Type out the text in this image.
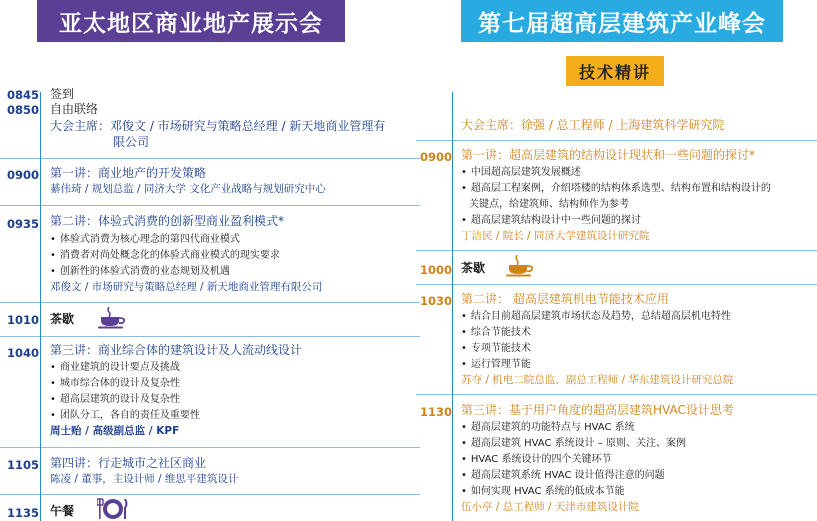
亚太地区商业地产展示会	第七届超高层建筑产业峰会
技术精讲
0845 签到
0850 自由联络
大会主席：邓俊文 / 市场研究与策略总经理 / 新天地商业管理有
限公司
0900 第一讲：商业地产的开发策略
綦伟琦 / 规划总监 / 同济大学 文化产业战略与规划研究中心
0935 第二讲：体验式消费的创新型商业盈利模式*
• 体验式消费为核心理念的第四代商业模式
• 消费者对尚处概念化的体验式商业模式的现实要求
• 创新性的体验式消费的业态规划及机遇
邓俊文 / 市场研究与策略总经理 / 新天地商业管理有限公司
1010 茶歇
1040 第三讲：商业综合体的建筑设计及人流动线设计
• 商业建筑的设计要点及挑战
• 城市综合体的设计及复杂性
• 超高层建筑的设计及复杂性
• 团队分工，各自的责任及重要性
周士贻 / 高级副总监 / KPF
1105 第四讲：行走城市之社区商业
陈凌 / 董事，主设计师 / 维思平建筑设计
1135 午餐
大会主席：徐强 / 总工程师 / 上海建筑科学研究院
0900 第一讲：超高层建筑的结构设计现状和一些问题的探讨*
• 中国超高层建筑发展概述
• 超高层工程案例，介绍塔楼的结构体系选型、结构布置和结构设计的
关键点，给建筑师、结构师作为参考
• 超高层建筑结构设计中一些问题的探讨
丁洁民 / 院长 / 同济大学建筑设计研究院
1000 茶歇
1030 第二讲： 超高层建筑机电节能技术应用
• 结合目前超高层建筑市场状态及趋势，总结超高层机电特性
• 综合节能技术
• 专项节能技术
• 运行管理节能
苏夺 / 机电二院总监、副总工程师 / 华东建筑设计研究总院
1130 第三讲：基于用户角度的超高层建筑HVAC设计思考
• 超高层建筑的功能特点与 HVAC 系统
• 超高层建筑 HVAC 系统设计 – 原则、关注、案例
• HVAC 系统设计的四个关键环节
• 超高层建筑系统 HVAC 设计值得注意的问题
• 如何实现 HVAC 系统的低成本节能
伍小亭 / 总工程师 / 天津市建筑设计院
